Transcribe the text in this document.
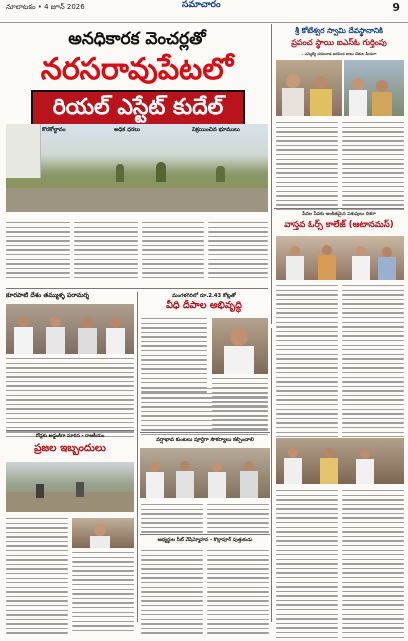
నూలాటకం • 4 జూన్ 2026	సమాచారం	9
అనధికారక వెంచర్లతో
నరసరావుపేటలో
రియల్ ఎస్టేట్ కుదేల్
కొరకోల్డానం	అధిక ధరలు	విక్రయించిన భూములు
శ్రీ కోటేశ్వర స్వామి దేవస్థానానికి
ప్రపంచ స్థాయి ఐఎస్ఓ గుర్తింపు
– ఎమ్మెల్యే చదలవాడ అరవింద బాబు చేతుల మీదుగా
పేదల సేవకు అంకితమైన పశువులు దిశగా
వాస్తవ ఓర్స్ కాలేజ్ (ఆటానమస్)
కూరపాటి దేశం తమ్ముళ్ళ పరామర్శ	మంగళగిరిలో రూ.2.43 కోట్లతో
వీధి దీపాల అభివృద్ధి
వర్షాభావ కుంటలు పూర్తిగా సౌకర్యాలు కల్పించాలి
రోడ్లకు అడ్డంకిగా మారిన - రాజకీయం
ప్రజల ఇబ్బందులు
అభ్యర్థుల సీట్ వేషేమ్మోహన - కొల్లాపూర్ పుత్తుకుడు
